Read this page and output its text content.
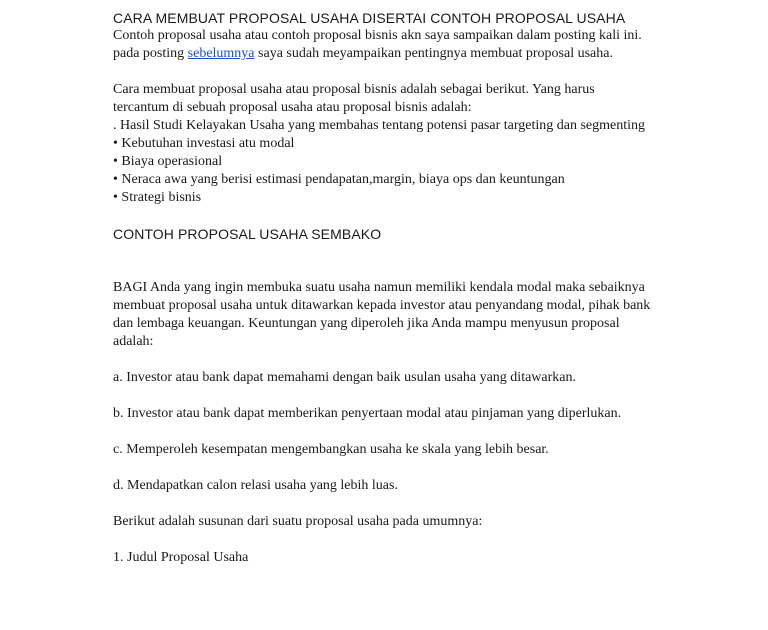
CARA MEMBUAT PROPOSAL USAHA DISERTAI CONTOH PROPOSAL USAHA

Contoh proposal usaha atau contoh proposal bisnis akn saya sampaikan dalam posting kali ini. pada posting sebelumnya saya sudah meyampaikan pentingnya membuat proposal usaha.

Cara membuat proposal usaha atau proposal bisnis adalah sebagai berikut. Yang harus tercantum di sebuah proposal usaha atau proposal bisnis adalah:

. Hasil Studi Kelayakan Usaha yang membahas tentang potensi pasar targeting dan segmenting

• Kebutuhan investasi atu modal
• Biaya operasional
• Neraca awa yang berisi estimasi pendapatan,margin, biaya ops dan keuntungan
• Strategi bisnis
CONTOH PROPOSAL USAHA SEMBAKO

BAGI Anda yang ingin membuka suatu usaha namun memiliki kendala modal maka sebaiknya membuat proposal usaha untuk ditawarkan kepada investor atau penyandang modal, pihak bank dan lembaga keuangan. Keuntungan yang diperoleh jika Anda mampu menyusun proposal adalah:

a. Investor atau bank dapat memahami dengan baik usulan usaha yang ditawarkan.

b. Investor atau bank dapat memberikan penyertaan modal atau pinjaman yang diperlukan.

c. Memperoleh kesempatan mengembangkan usaha ke skala yang lebih besar.

d. Mendapatkan calon relasi usaha yang lebih luas.

Berikut adalah susunan dari suatu proposal usaha pada umumnya:

1. Judul Proposal Usaha
